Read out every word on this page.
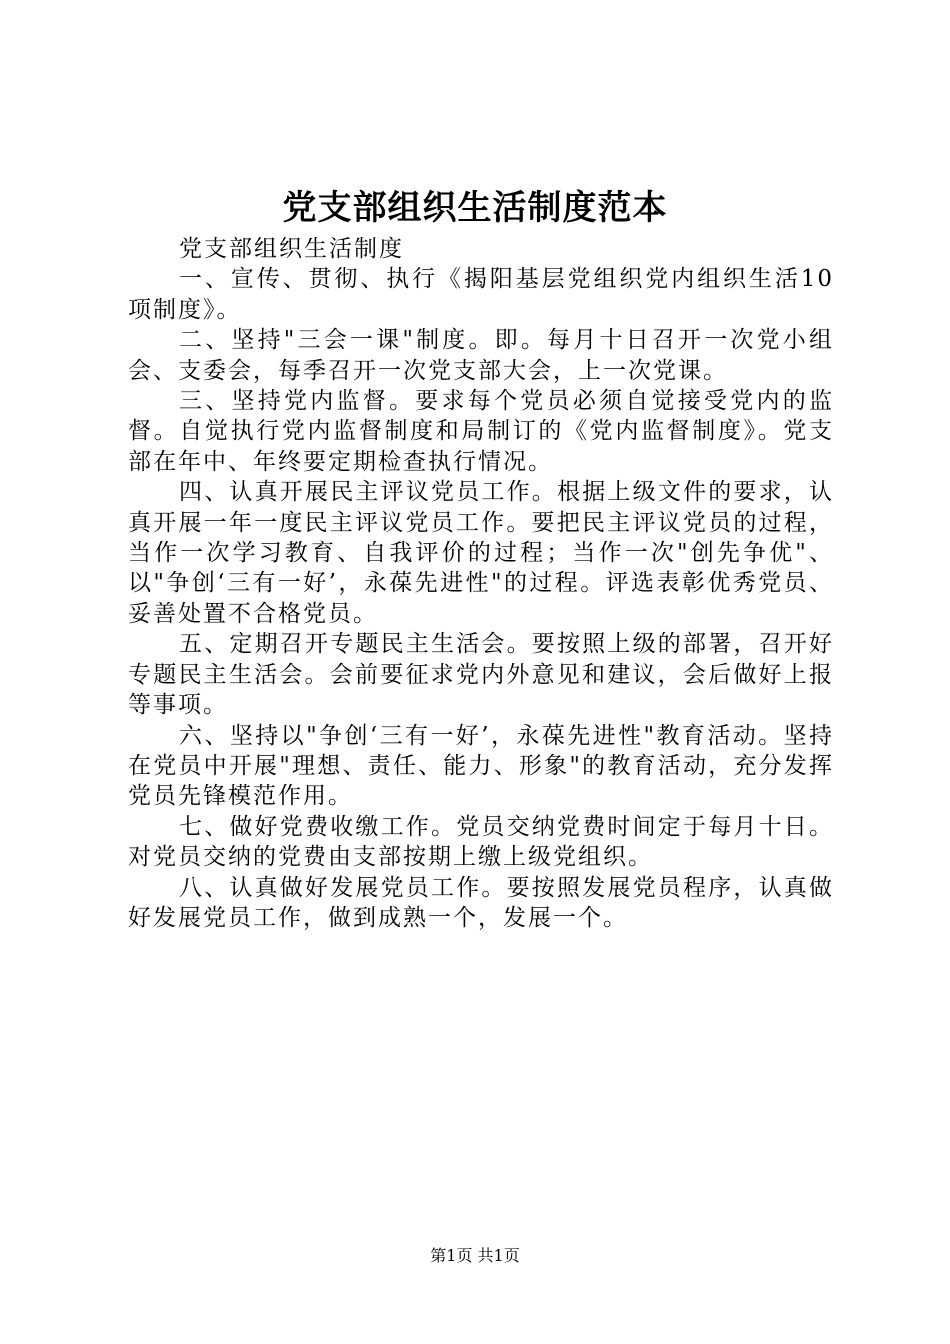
党支部组织生活制度范本

党支部组织生活制度

一、宣传、贯彻、执行《揭阳基层党组织党内组织生活10项制度》。

二、坚持"三会一课"制度。即。每月十日召开一次党小组会、支委会，每季召开一次党支部大会，上一次党课。

三、坚持党内监督。要求每个党员必须自觉接受党内的监督。自觉执行党内监督制度和局制订的《党内监督制度》。党支部在年中、年终要定期检查执行情况。

四、认真开展民主评议党员工作。根据上级文件的要求，认真开展一年一度民主评议党员工作。要把民主评议党员的过程，当作一次学习教育、自我评价的过程；当作一次"创先争优"、以"争创‘三有一好’，永葆先进性"的过程。评选表彰优秀党员、妥善处置不合格党员。

五、定期召开专题民主生活会。要按照上级的部署，召开好专题民主生活会。会前要征求党内外意见和建议，会后做好上报等事项。

六、坚持以"争创‘三有一好’，永葆先进性"教育活动。坚持在党员中开展"理想、责任、能力、形象"的教育活动，充分发挥党员先锋模范作用。

七、做好党费收缴工作。党员交纳党费时间定于每月十日。对党员交纳的党费由支部按期上缴上级党组织。

八、认真做好发展党员工作。要按照发展党员程序，认真做好发展党员工作，做到成熟一个，发展一个。

第1页 共1页
